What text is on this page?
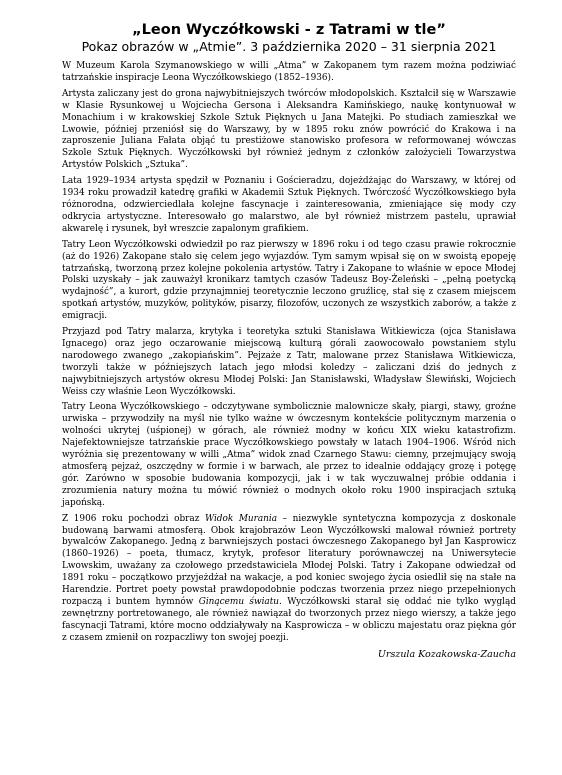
„Leon Wyczółkowski - z Tatrami w tle”

Pokaz obrazów w „Atmie”. 3 października 2020 – 31 sierpnia 2021

W Muzeum Karola Szymanowskiego w willi „Atma” w Zakopanem tym razem można podziwiać tatrzańskie inspiracje Leona Wyczółkowskiego (1852–1936).

Artysta zaliczany jest do grona najwybitniejszych twórców młodopolskich. Kształcił się w Warszawie w Klasie Rysunkowej u Wojciecha Gersona i Aleksandra Kamińskiego, naukę kontynuował w Monachium i w krakowskiej Szkole Sztuk Pięknych u Jana Matejki. Po studiach zamieszkał we Lwowie, później przeniósł się do Warszawy, by w 1895 roku znów powrócić do Krakowa i na zaproszenie Juliana Fałata objąć tu prestiżowe stanowisko profesora w reformowanej wówczas Szkole Sztuk Pięknych. Wyczółkowski był również jednym z członków założycieli Towarzystwa Artystów Polskich „Sztuka”.

Lata 1929–1934 artysta spędził w Poznaniu i Gościeradzu, dojeżdżając do Warszawy, w której od 1934 roku prowadził katedrę grafiki w Akademii Sztuk Pięknych. Twórczość Wyczółkowskiego była różnorodna, odzwierciedlała kolejne fascynacje i zainteresowania, zmieniające się mody czy odkrycia artystyczne. Interesowało go malarstwo, ale był również mistrzem pastelu, uprawiał akwarelę i rysunek, był wreszcie zapalonym grafikiem.

Tatry Leon Wyczółkowski odwiedził po raz pierwszy w 1896 roku i od tego czasu prawie rokrocznie (aż do 1926) Zakopane stało się celem jego wyjazdów. Tym samym wpisał się on w swoistą epopeję tatrzańską, tworzoną przez kolejne pokolenia artystów. Tatry i Zakopane to właśnie w epoce Młodej Polski uzyskały – jak zauważył kronikarz tamtych czasów Tadeusz Boy-Żeleński – „pełną poetycką wydajność”, a kurort, gdzie przynajmniej teoretycznie leczono gruźlicę, stał się z czasem miejscem spotkań artystów, muzyków, polityków, pisarzy, filozofów, uczonych ze wszystkich zaborów, a także z emigracji.

Przyjazd pod Tatry malarza, krytyka i teoretyka sztuki Stanisława Witkiewicza (ojca Stanisława Ignacego) oraz jego oczarowanie miejscową kulturą górali zaowocowało powstaniem stylu narodowego zwanego „zakopiańskim”. Pejzaże z Tatr, malowane przez Stanisława Witkiewicza, tworzyli także w późniejszych latach jego młodsi koledzy – zaliczani dziś do jednych z najwybitniejszych artystów okresu Młodej Polski: Jan Stanisławski, Władysław Ślewiński, Wojciech Weiss czy właśnie Leon Wyczółkowski.

Tatry Leona Wyczółkowskiego – odczytywane symbolicznie malownicze skały, piargi, stawy, groźne urwiska – przywodziły na myśl nie tylko ważne w ówczesnym kontekście politycznym marzenia o wolności ukrytej (uśpionej) w górach, ale również modny w końcu XIX wieku katastrofizm. Najefektowniejsze tatrzańskie prace Wyczółkowskiego powstały w latach 1904–1906. Wśród nich wyróżnia się prezentowany w willi „Atma” widok znad Czarnego Stawu: ciemny, przejmujący swoją atmosferą pejzaż, oszczędny w formie i w barwach, ale przez to idealnie oddający grozę i potęgę gór. Zarówno w sposobie budowania kompozycji, jak i w tak wyczuwalnej próbie oddania i zrozumienia natury można tu mówić również o modnych około roku 1900 inspiracjach sztuką japońską.

Z 1906 roku pochodzi obraz Widok Murania – niezwykle syntetyczna kompozycja z doskonale budowaną barwami atmosferą. Obok krajobrazów Leon Wyczółkowski malował również portrety bywalców Zakopanego. Jedną z barwniejszych postaci ówczesnego Zakopanego był Jan Kasprowicz (1860–1926) – poeta, tłumacz, krytyk, profesor literatury porównawczej na Uniwersytecie Lwowskim, uważany za czołowego przedstawiciela Młodej Polski. Tatry i Zakopane odwiedzał od 1891 roku – początkowo przyjeżdżał na wakacje, a pod koniec swojego życia osiedlił się na stałe na Harendzie. Portret poety powstał prawdopodobnie podczas tworzenia przez niego przepełnionych rozpaczą i buntem hymnów Ginącemu światu. Wyczółkowski starał się oddać nie tylko wygląd zewnętrzny portretowanego, ale również nawiązał do tworzonych przez niego wierszy, a także jego fascynacji Tatrami, które mocno oddziaływały na Kasprowicza – w obliczu majestatu oraz piękna gór z czasem zmienił on rozpaczliwy ton swojej poezji.

Urszula Kozakowska-Zaucha
